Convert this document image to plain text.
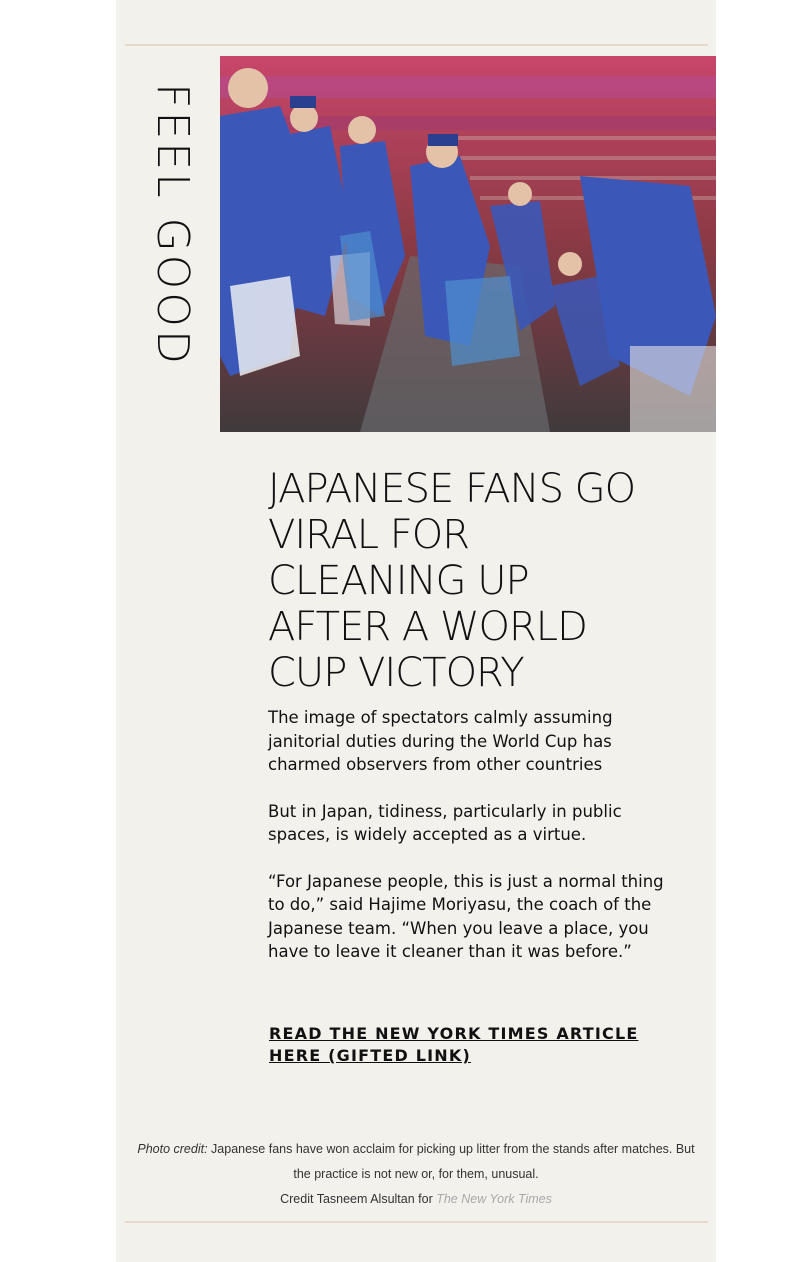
FEEL GOOD
JAPANESE FANS GO VIRAL FOR CLEANING UP AFTER A WORLD CUP VICTORY

The image of spectators calmly assuming janitorial duties during the World Cup has charmed observers from other countries

But in Japan, tidiness, particularly in public spaces, is widely accepted as a virtue.

“For Japanese people, this is just a normal thing to do,” said Hajime Moriyasu, the coach of the Japanese team. “When you leave a place, you have to leave it cleaner than it was before.”

READ THE NEW YORK TIMES ARTICLE HERE (GIFTED LINK)
Photo credit: Japanese fans have won acclaim for picking up litter from the stands after matches. But the practice is not new or, for them, unusual.
Credit Tasneem Alsultan for The New York Times
